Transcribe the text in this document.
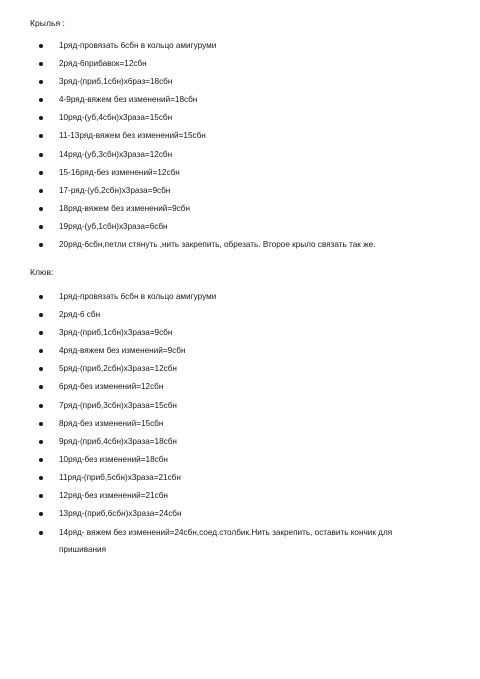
Крылья :
1ряд-провязать 6сбн в кольцо амигуруми
2ряд-6прибавок=12сбн
3ряд-(приб,1сбн)х6раз=18сбн
4-9ряд-вяжем без изменений=18сбн
10ряд-(уб,4сбн)х3раза=15сбн
11-13ряд-вяжем без изменений=15сбн
14ряд-(уб,3сбн)х3раза=12сбн
15-16ряд-без изменений=12сбн
17-ряд-(уб,2сбн)х3раза=9сбн
18ряд-вяжем без изменений=9сбн
19ряд-(уб,1сбн)х3раза=6сбн
20ряд-6сбн,петли стянуть ,нить закрепить, обрезать. Второе крыло связать так же.
Клюв:
1ряд-провязать 6сбн в кольцо амигуруми
2ряд-6 сбн
3ряд-(приб,1сбн)х3раза=9сбн
4ряд-вяжем без изменений=9сбн
5ряд-(приб,2сбн)х3раза=12сбн
6ряд-без изменений=12сбн
7ряд-(приб,3сбн)х3раза=15сбн
8ряд-без изменений=15сбн
9ряд-(приб,4сбн)х3раза=18сбн
10ряд-без изменений=18сбн
11ряд-(приб,5сбн)х3раза=21сбн
12ряд-без изменений=21сбн
13ряд-(приб,6сбн)х3раза=24сбн
14ряд- вяжем без изменений=24сбн,соед.столбик.Нить закрепить, оставить кончик для пришивания
